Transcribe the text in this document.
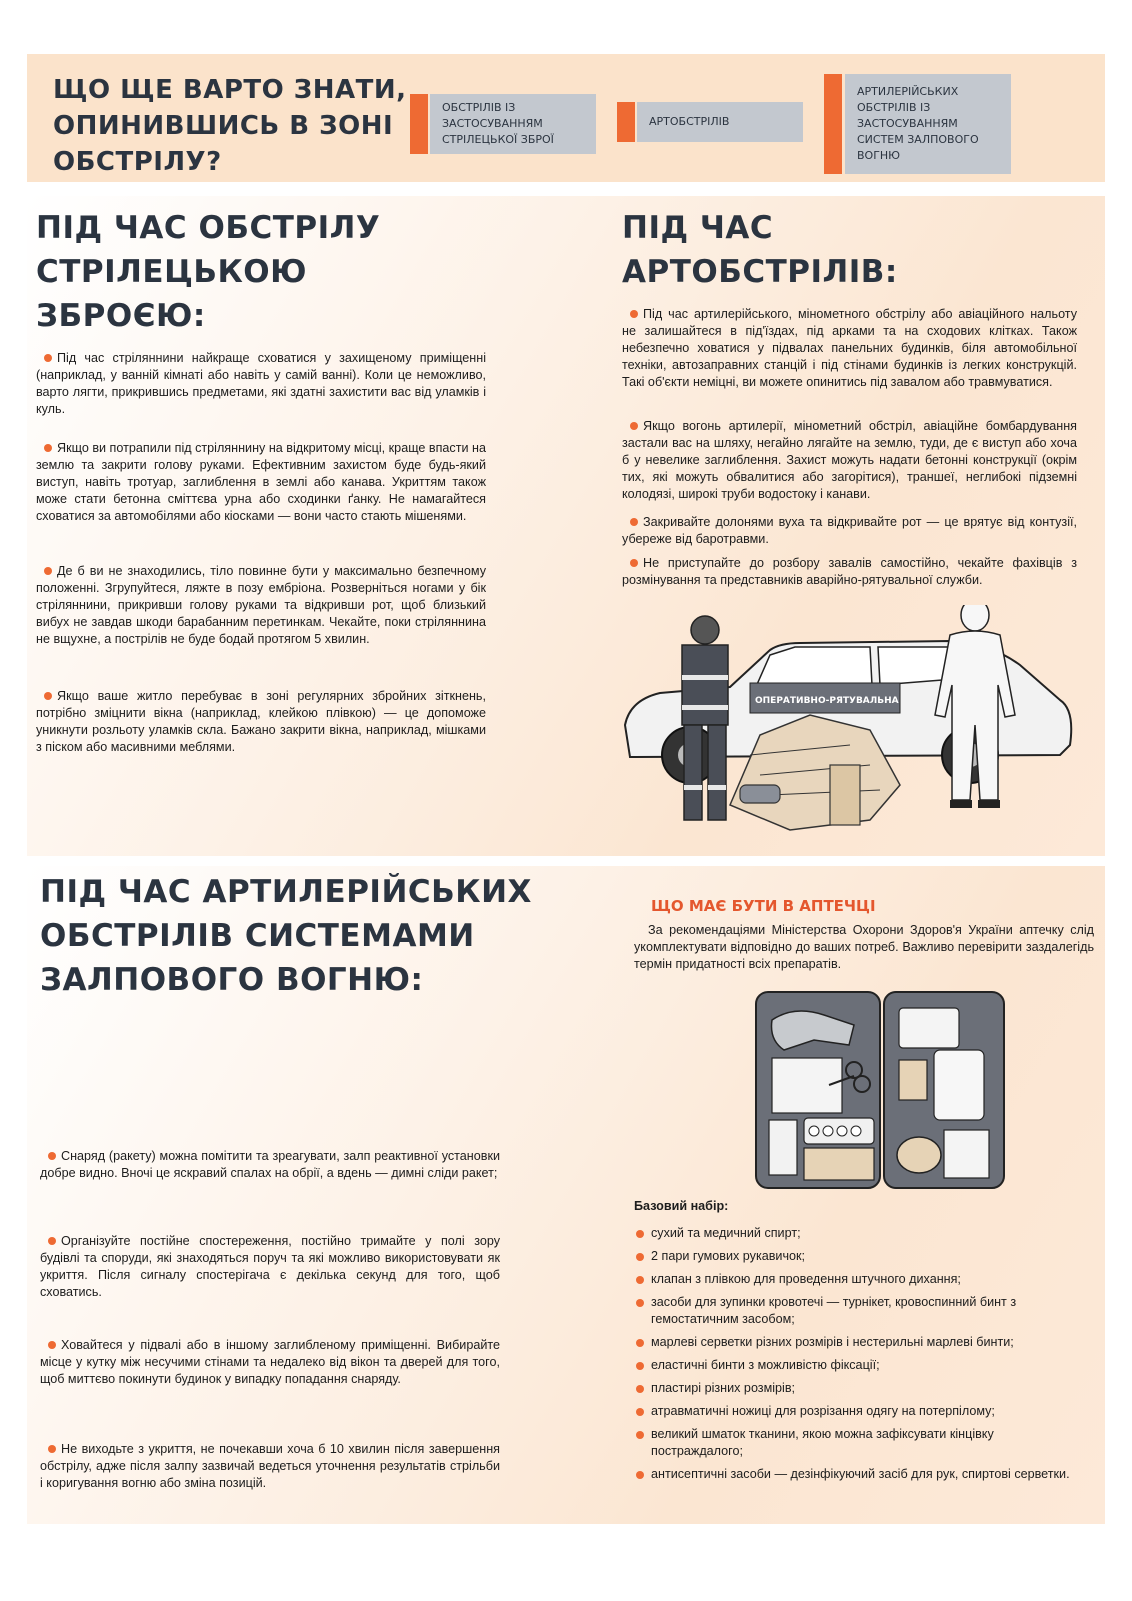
ЩО ЩЕ ВАРТО ЗНАТИ, ОПИНИВШИСЬ В ЗОНІ ОБСТРІЛУ?
ОБСТРІЛІВ ІЗ ЗАСТОСУВАННЯМ СТРІЛЕЦЬКОЇ ЗБРОЇ
АРТОБСТРІЛІВ
АРТИЛЕРІЙСЬКИХ ОБСТРІЛІВ ІЗ ЗАСТОСУВАННЯМ СИСТЕМ ЗАЛПОВОГО ВОГНЮ
ПІД ЧАС ОБСТРІЛУ СТРІЛЕЦЬКОЮ ЗБРОЄЮ:
Під час стріляннини найкраще сховатися у захищеному приміщенні (наприклад, у ванній кімнаті або навіть у самій ванні). Коли це неможливо, варто лягти, прикрившись предметами, які здатні захистити вас від уламків і куль.
Якщо ви потрапили під стріляннину на відкритому місці, краще впасти на землю та закрити голову руками. Ефективним захистом буде будь-який виступ, навіть тротуар, заглиблення в землі або канава. Укриттям також може стати бетонна сміттєва урна або сходинки ґанку. Не намагайтеся сховатися за автомобілями або кіосками — вони часто стають мішенями.
Де б ви не знаходились, тіло повинне бути у максимально безпечному положенні. Згрупуйтеся, ляжте в позу ембріона. Розверніться ногами у бік стріляннини, прикривши голову руками та відкривши рот, щоб близький вибух не завдав шкоди барабанним перетинкам. Чекайте, поки стріляннина не вщухне, а пострілів не буде бодай протягом 5 хвилин.
Якщо ваше житло перебуває в зоні регулярних збройних зіткнень, потрібно зміцнити вікна (наприклад, клейкою плівкою) — це допоможе уникнути розльоту уламків скла. Бажано закрити вікна, наприклад, мішками з піском або масивними меблями.
ПІД ЧАС АРТОБСТРІЛІВ:
Під час артилерійського, мінометного обстрілу або авіаційного нальоту не залишайтеся в під'їздах, під арками та на сходових клітках. Також небезпечно ховатися у підвалах панельних будинків, біля автомобільної техніки, автозаправних станцій і під стінами будинків із легких конструкцій. Такі об'єкти неміцні, ви можете опинитись під завалом або травмуватися.
Якщо вогонь артилерії, мінометний обстріл, авіаційне бомбардування застали вас на шляху, негайно лягайте на землю, туди, де є виступ або хоча б у невелике заглиблення. Захист можуть надати бетонні конструкції (окрім тих, які можуть обвалитися або загорітися), траншеї, неглибокі підземні колодязі, широкі труби водостоку і канави.
Закривайте долонями вуха та відкривайте рот — це врятує від контузії, убереже від баротравми.
Не приступайте до розбору завалів самостійно, чекайте фахівців з розмінування та представників аварійно-рятувальної служби.
ОПЕРАТИВНО-РЯТУВАЛЬНА
ПІД ЧАС АРТИЛЕРІЙСЬКИХ ОБСТРІЛІВ СИСТЕМАМИ ЗАЛПОВОГО ВОГНЮ:
Снаряд (ракету) можна помітити та зреагувати, залп реактивної установки добре видно. Вночі це яскравий спалах на обрії, а вдень — димні сліди ракет;
Організуйте постійне спостереження, постійно тримайте у полі зору будівлі та споруди, які знаходяться поруч та які можливо використовувати як укриття. Після сигналу спостерігача є декілька секунд для того, щоб сховатись.
Ховайтеся у підвалі або в іншому заглибленому приміщенні. Вибирайте місце у кутку між несучими стінами та недалеко від вікон та дверей для того, щоб миттєво покинути будинок у випадку попадання снаряду.
Не виходьте з укриття, не почекавши хоча б 10 хвилин після завершення обстрілу, адже після залпу зазвичай ведеться уточнення результатів стрільби і коригування вогню або зміна позицій.
ЩО МАЄ БУТИ В АПТЕЧЦІ
За рекомендаціями Міністерства Охорони Здоров'я України аптечку слід укомплектувати відповідно до ваших потреб. Важливо перевірити заздалегідь термін придатності всіх препаратів.
Базовий набір:
сухий та медичний спирт;
2 пари гумових рукавичок;
клапан з плівкою для проведення штучного дихання;
засоби для зупинки кровотечі — турнікет, кровоспинний бинт з гемостатичним засобом;
марлеві серветки різних розмірів і нестерильні марлеві бинти;
еластичні бинти з можливістю фіксації;
пластирі різних розмірів;
атравматичні ножиці для розрізання одягу на потерпілому;
великий шматок тканини, якою можна зафіксувати кінцівку постраждалого;
антисептичні засоби — дезінфікуючий засіб для рук, спиртові серветки.
